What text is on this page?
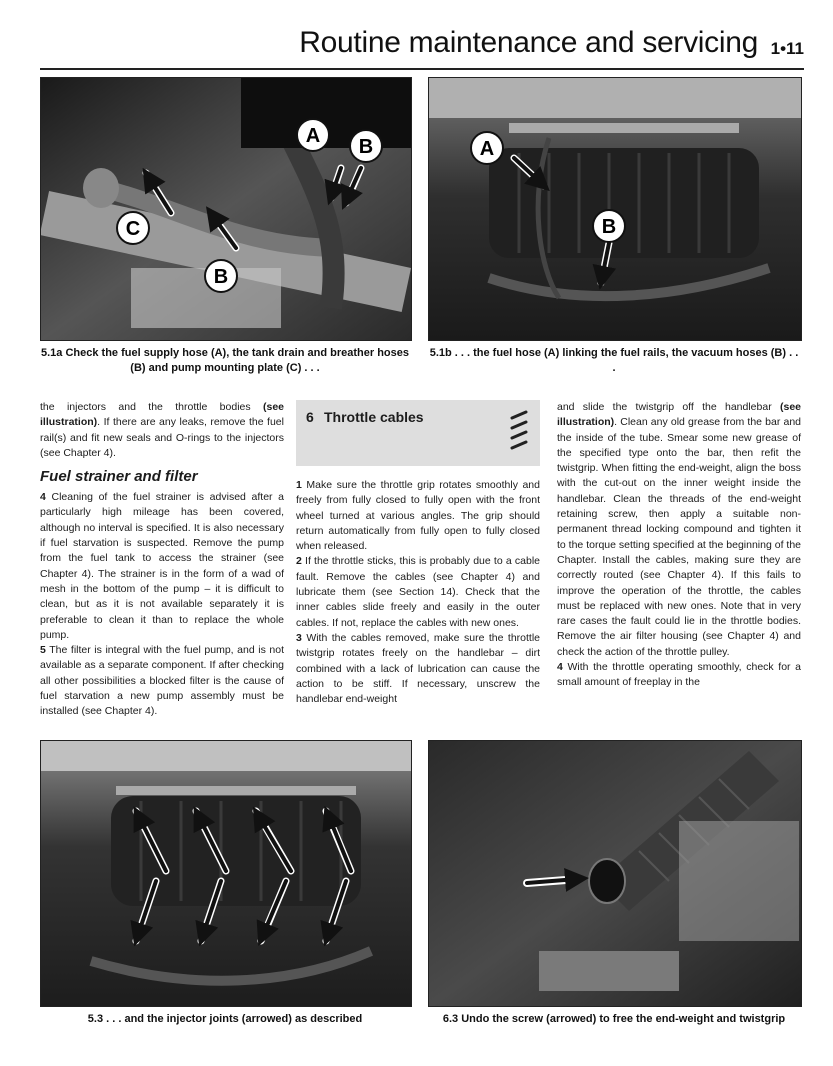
Routine maintenance and servicing 1•11
A B
C
B
5.1a Check the fuel supply hose (A), the tank drain and breather hoses (B) and pump mounting plate (C) . . .
A
B
5.1b . . . the fuel hose (A) linking the fuel rails, the vacuum hoses (B) . . .

the injectors and the throttle bodies (see illustration). If there are any leaks, remove the fuel rail(s) and fit new seals and O-rings to the injectors (see Chapter 4).

Fuel strainer and filter

4 Cleaning of the fuel strainer is advised after a particularly high mileage has been covered, although no interval is specified. It is also necessary if fuel starvation is suspected. Remove the pump from the fuel tank to access the strainer (see Chapter 4). The strainer is in the form of a wad of mesh in the bottom of the pump – it is difficult to clean, but as it is not available separately it is preferable to clean it than to replace the whole pump.

5 The filter is integral with the fuel pump, and is not available as a separate component. If after checking all other possibilities a blocked filter is the cause of fuel starvation a new pump assembly must be installed (see Chapter 4).

6 Throttle cables

1 Make sure the throttle grip rotates smoothly and freely from fully closed to fully open with the front wheel turned at various angles. The grip should return automatically from fully open to fully closed when released.

2 If the throttle sticks, this is probably due to a cable fault. Remove the cables (see Chapter 4) and lubricate them (see Section 14). Check that the inner cables slide freely and easily in the outer cables. If not, replace the cables with new ones.

3 With the cables removed, make sure the throttle twistgrip rotates freely on the handlebar – dirt combined with a lack of lubrication can cause the action to be stiff. If necessary, unscrew the handlebar end-weight

and slide the twistgrip off the handlebar (see illustration). Clean any old grease from the bar and the inside of the tube. Smear some new grease of the specified type onto the bar, then refit the twistgrip. When fitting the end-weight, align the boss with the cut-out on the inner weight inside the handlebar. Clean the threads of the end-weight retaining screw, then apply a suitable non-permanent thread locking compound and tighten it to the torque setting specified at the beginning of the Chapter. Install the cables, making sure they are correctly routed (see Chapter 4). If this fails to improve the operation of the throttle, the cables must be replaced with new ones. Note that in very rare cases the fault could lie in the throttle bodies. Remove the air filter housing (see Chapter 4) and check the action of the throttle pulley.

4 With the throttle operating smoothly, check for a small amount of freeplay in the

5.3 . . . and the injector joints (arrowed) as described	6.3 Undo the screw (arrowed) to free the end-weight and twistgrip
